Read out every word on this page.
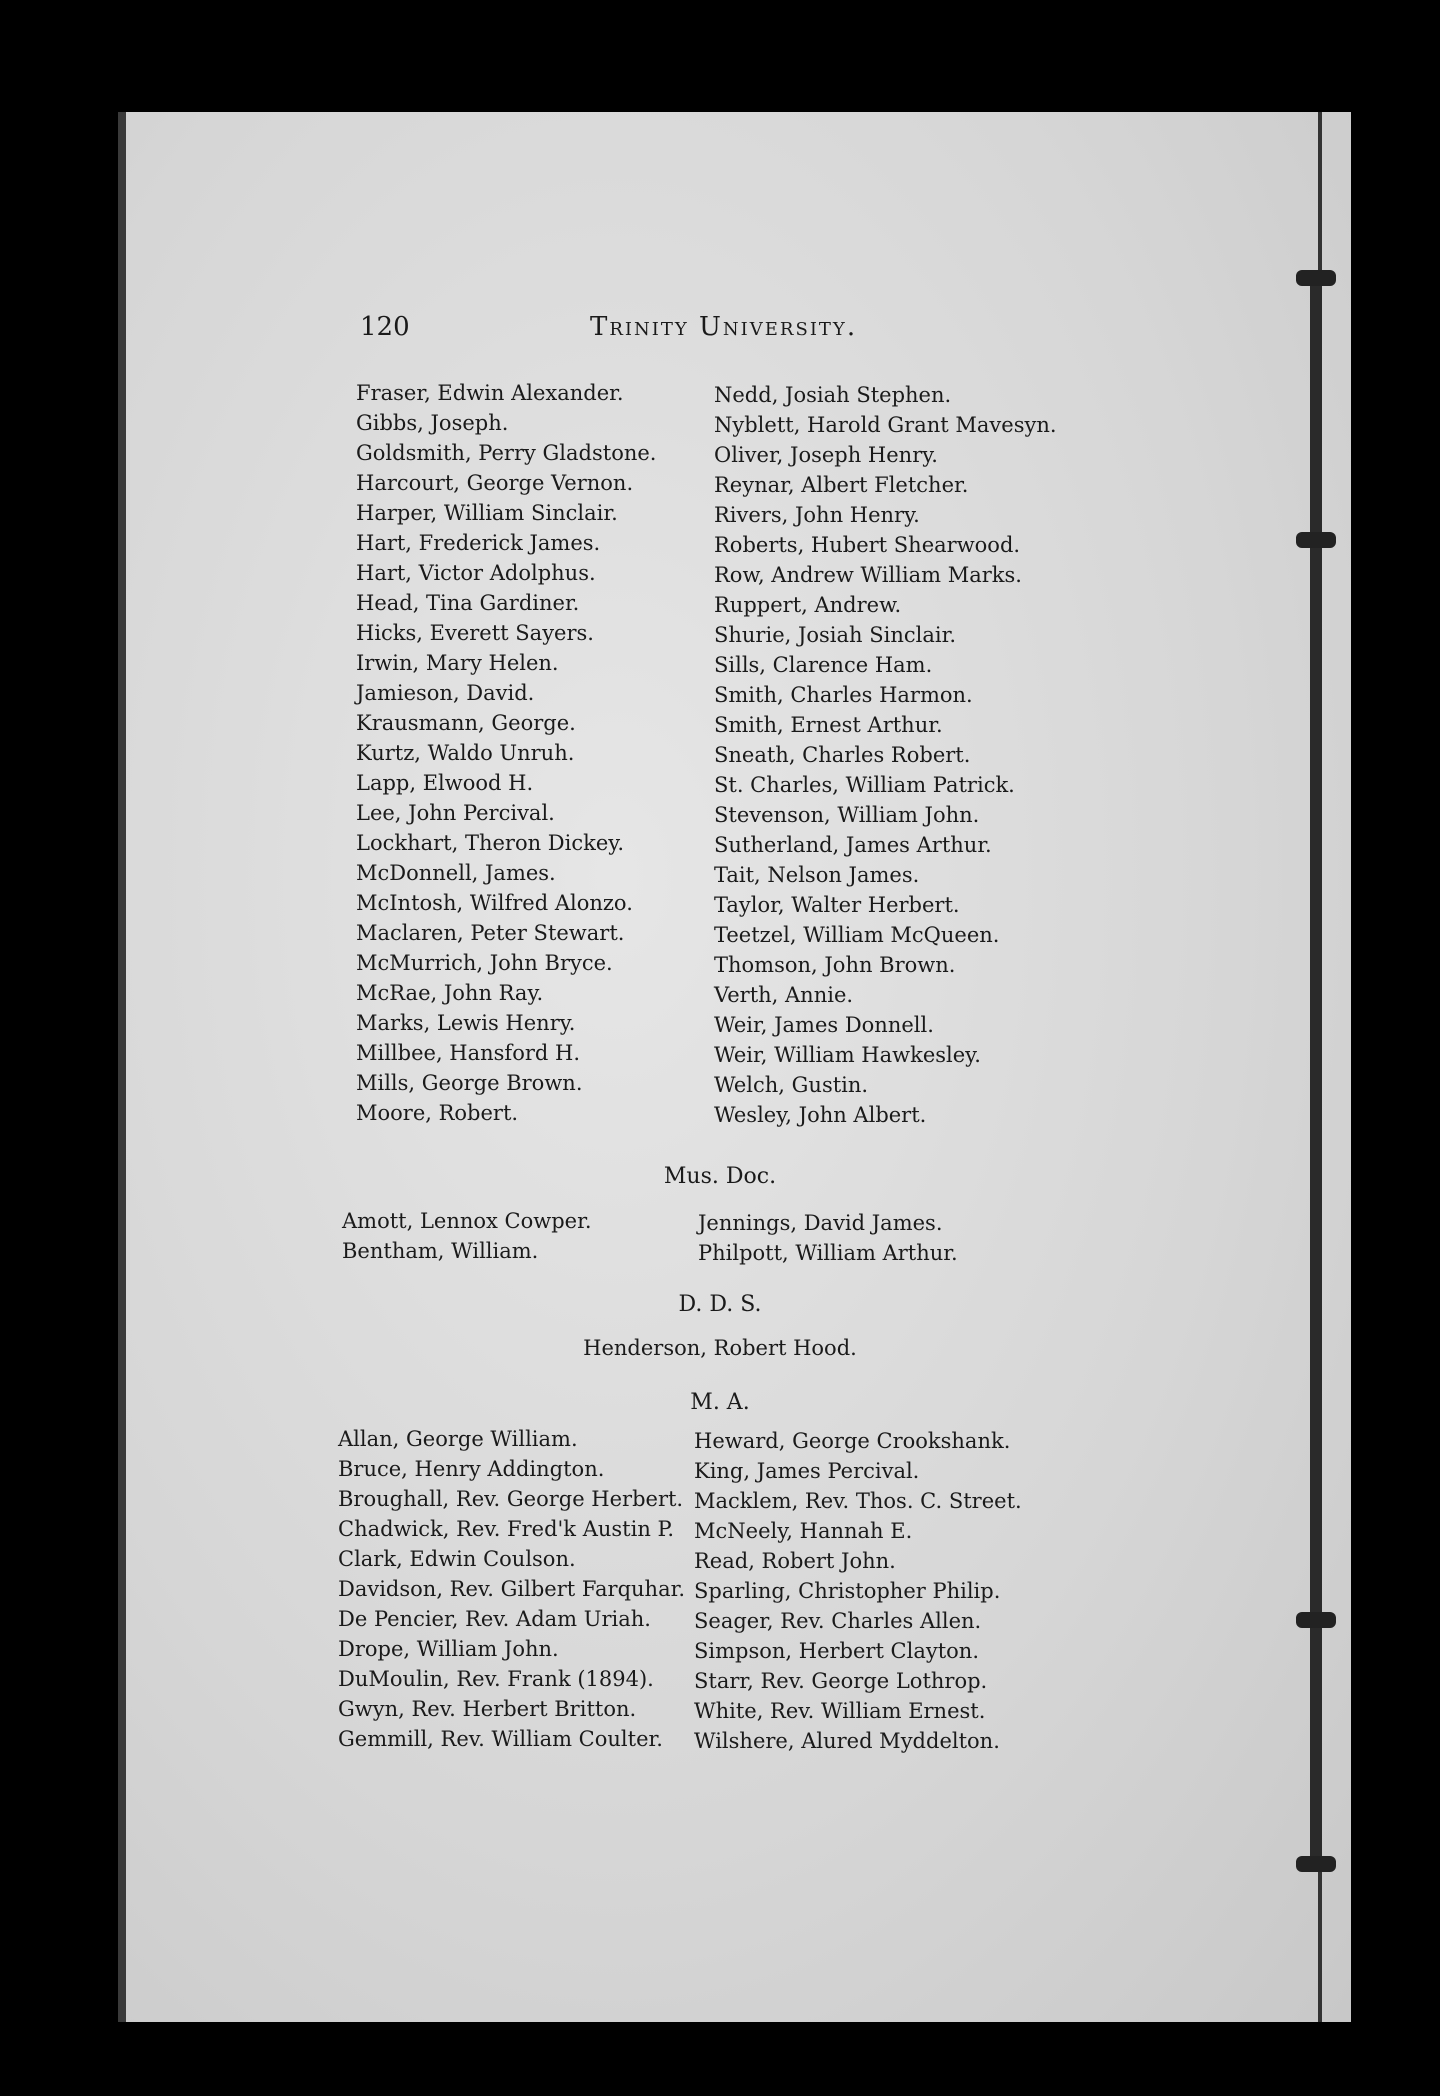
120	Trinity University.
Fraser, Edwin Alexander.
Gibbs, Joseph.
Goldsmith, Perry Gladstone.
Harcourt, George Vernon.
Harper, William Sinclair.
Hart, Frederick James.
Hart, Victor Adolphus.
Head, Tina Gardiner.
Hicks, Everett Sayers.
Irwin, Mary Helen.
Jamieson, David.
Krausmann, George.
Kurtz, Waldo Unruh.
Lapp, Elwood H.
Lee, John Percival.
Lockhart, Theron Dickey.
McDonnell, James.
McIntosh, Wilfred Alonzo.
Maclaren, Peter Stewart.
McMurrich, John Bryce.
McRae, John Ray.
Marks, Lewis Henry.
Millbee, Hansford H.
Mills, George Brown.
Moore, Robert.
Nedd, Josiah Stephen.
Nyblett, Harold Grant Mavesyn.
Oliver, Joseph Henry.
Reynar, Albert Fletcher.
Rivers, John Henry.
Roberts, Hubert Shearwood.
Row, Andrew William Marks.
Ruppert, Andrew.
Shurie, Josiah Sinclair.
Sills, Clarence Ham.
Smith, Charles Harmon.
Smith, Ernest Arthur.
Sneath, Charles Robert.
St. Charles, William Patrick.
Stevenson, William John.
Sutherland, James Arthur.
Tait, Nelson James.
Taylor, Walter Herbert.
Teetzel, William McQueen.
Thomson, John Brown.
Verth, Annie.
Weir, James Donnell.
Weir, William Hawkesley.
Welch, Gustin.
Wesley, John Albert.
Mus. Doc.
Amott, Lennox Cowper.
Bentham, William.
Jennings, David James.
Philpott, William Arthur.
D. D. S.
Henderson, Robert Hood.
M. A.
Allan, George William.
Bruce, Henry Addington.
Broughall, Rev. George Herbert.
Chadwick, Rev. Fred'k Austin P.
Clark, Edwin Coulson.
Davidson, Rev. Gilbert Farquhar.
De Pencier, Rev. Adam Uriah.
Drope, William John.
DuMoulin, Rev. Frank (1894).
Gwyn, Rev. Herbert Britton.
Gemmill, Rev. William Coulter.
Heward, George Crookshank.
King, James Percival.
Macklem, Rev. Thos. C. Street.
McNeely, Hannah E.
Read, Robert John.
Sparling, Christopher Philip.
Seager, Rev. Charles Allen.
Simpson, Herbert Clayton.
Starr, Rev. George Lothrop.
White, Rev. William Ernest.
Wilshere, Alured Myddelton.
